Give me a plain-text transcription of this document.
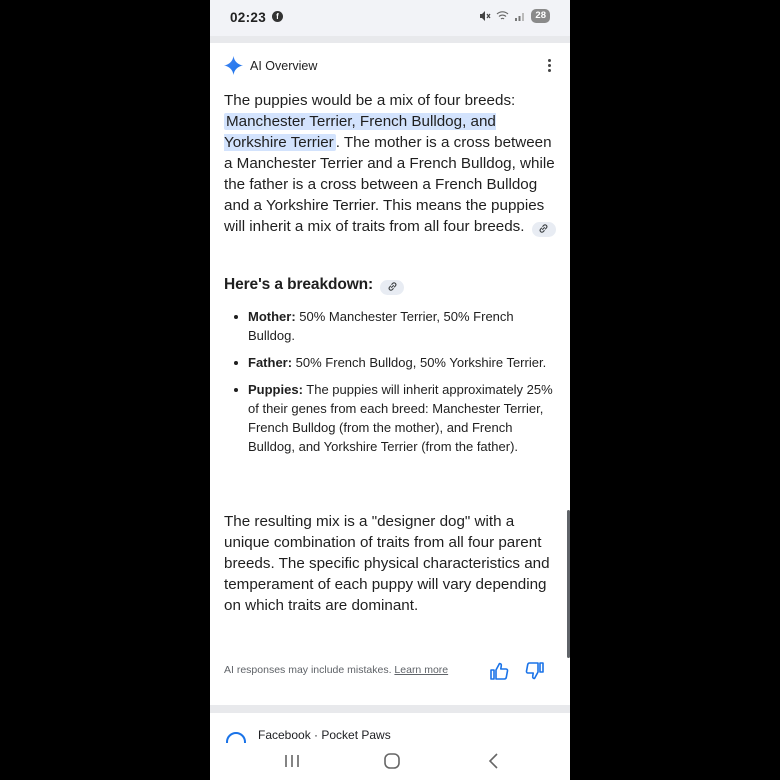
02:23	f	28
AI Overview
The puppies would be a mix of four breeds: Manchester Terrier, French Bulldog, and Yorkshire Terrier . The mother is a cross between a Manchester Terrier and a French Bulldog, while the father is a cross between a French Bulldog and a Yorkshire Terrier. This means the puppies will inherit a mix of traits from all four breeds.
Here's a breakdown:
Mother: 50% Manchester Terrier, 50% French Bulldog.
Father: 50% French Bulldog, 50% Yorkshire Terrier.
Puppies: The puppies will inherit approximately 25% of their genes from each breed: Manchester Terrier, French Bulldog (from the mother), and French Bulldog, and Yorkshire Terrier (from the father).
The resulting mix is a "designer dog" with a unique combination of traits from all four parent breeds. The specific physical characteristics and temperament of each puppy will vary depending on which traits are dominant.
AI responses may include mistakes. Learn more
Facebook · Pocket Paws
